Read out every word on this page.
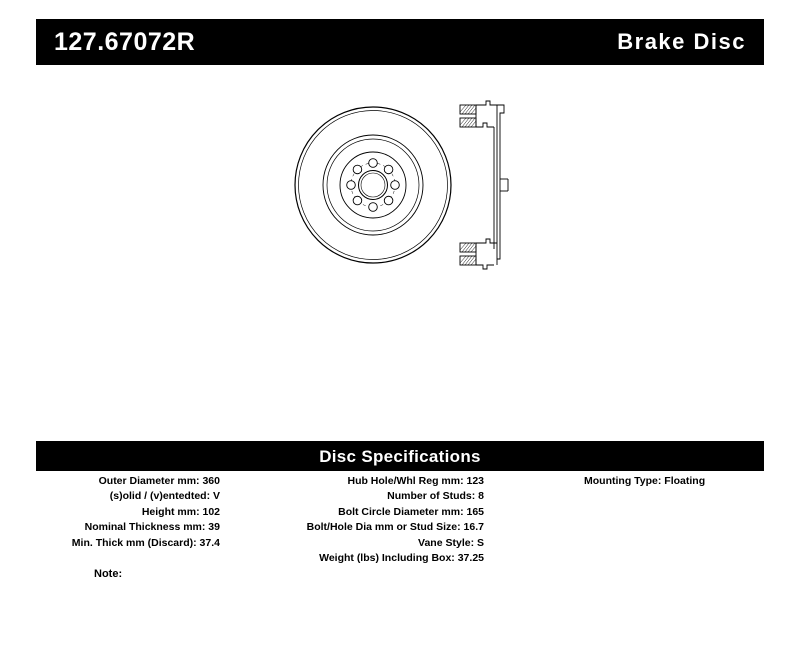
127.67072R	Brake Disc
Disc Specifications
Outer Diameter mm: 360
(s)olid / (v)entedted: V
Height mm: 102
Nominal Thickness mm: 39
Min. Thick mm (Discard): 37.4
Hub Hole/Whl Reg mm: 123
Number of Studs: 8
Bolt Circle Diameter mm: 165
Bolt/Hole Dia mm or Stud Size: 16.7
Vane Style: S
Weight (lbs) Including Box: 37.25
Mounting Type: Floating
Note:
